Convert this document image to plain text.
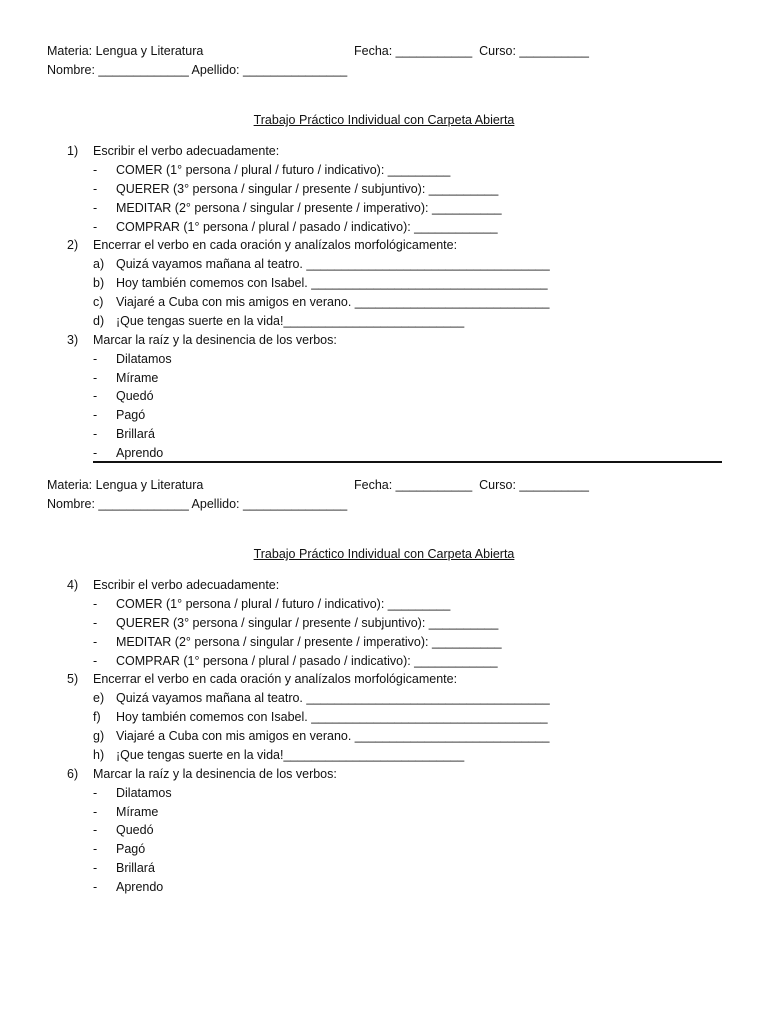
Materia: Lengua y Literatura	Fecha: ___________  Curso: __________
Nombre: _____________ Apellido: _______________
Trabajo Práctico Individual con Carpeta Abierta
1) Escribir el verbo adecuadamente:
- COMER (1° persona / plural / futuro / indicativo): _________
- QUERER (3° persona / singular / presente / subjuntivo): __________
- MEDITAR (2° persona / singular / presente / imperativo): __________
- COMPRAR (1° persona / plural / pasado / indicativo): ____________
2) Encerrar el verbo en cada oración y analízalos morfológicamente:
a) Quizá vayamos mañana al teatro. ___________________________________
b) Hoy también comemos con Isabel. __________________________________
c) Viajaré a Cuba con mis amigos en verano. ____________________________
d) ¡Que tengas suerte en la vida!__________________________
3) Marcar la raíz y la desinencia de los verbos:
- Dilatamos
- Mírame
- Quedó
- Pagó
- Brillará
- Aprendo
Materia: Lengua y Literatura	Fecha: ___________  Curso: __________
Nombre: _____________ Apellido: _______________
Trabajo Práctico Individual con Carpeta Abierta
4) Escribir el verbo adecuadamente:
- COMER (1° persona / plural / futuro / indicativo): _________
- QUERER (3° persona / singular / presente / subjuntivo): __________
- MEDITAR (2° persona / singular / presente / imperativo): __________
- COMPRAR (1° persona / plural / pasado / indicativo): ____________
5) Encerrar el verbo en cada oración y analízalos morfológicamente:
e) Quizá vayamos mañana al teatro. ___________________________________
f) Hoy también comemos con Isabel. __________________________________
g) Viajaré a Cuba con mis amigos en verano. ____________________________
h) ¡Que tengas suerte en la vida!__________________________
6) Marcar la raíz y la desinencia de los verbos:
- Dilatamos
- Mírame
- Quedó
- Pagó
- Brillará
- Aprendo
